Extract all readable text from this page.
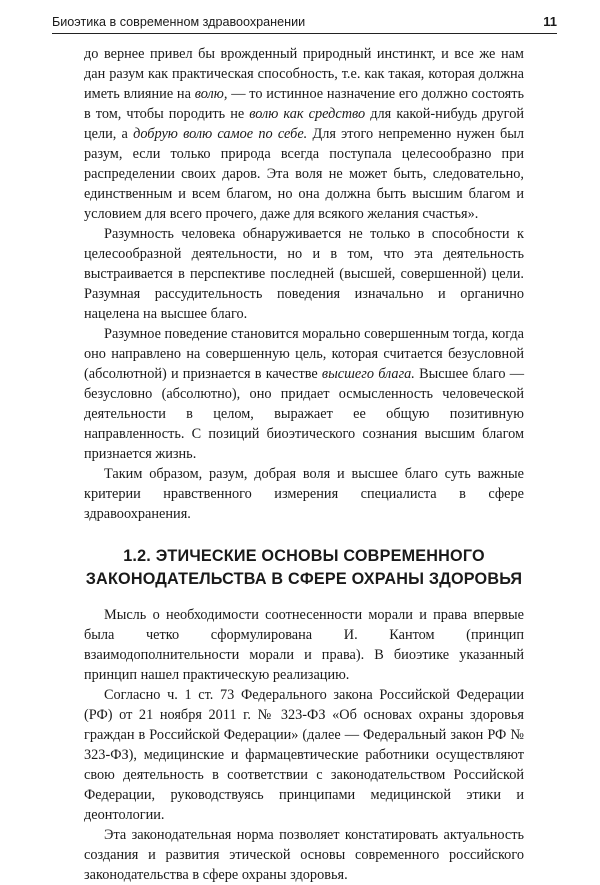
Биоэтика в современном здравоохранении	11

до вернее привел бы врожденный природный инстинкт, и все же нам дан разум как практическая способность, т.е. как такая, которая должна иметь влияние на волю, — то истинное назначение его должно состоять в том, чтобы породить не волю как средство для какой-нибудь другой цели, а добрую волю самое по себе. Для этого непременно нужен был разум, если только природа всегда поступала целесообразно при распределении своих даров. Эта воля не может быть, следовательно, единственным и всем благом, но она должна быть высшим благом и условием для всего прочего, даже для всякого желания счастья».

Разумность человека обнаруживается не только в способности к целесообразной деятельности, но и в том, что эта деятельность выстраивается в перспективе последней (высшей, совершенной) цели. Разумная рассудительность поведения изначально и органично нацелена на высшее благо.

Разумное поведение становится морально совершенным тогда, когда оно направлено на совершенную цель, которая считается безусловной (абсолютной) и признается в качестве высшего блага. Высшее благо — безусловно (абсолютно), оно придает осмысленность человеческой деятельности в целом, выражает ее общую позитивную направленность. С позиций биоэтического сознания высшим благом признается жизнь.

Таким образом, разум, добрая воля и высшее благо суть важные критерии нравственного измерения специалиста в сфере здравоохранения.

1.2. ЭТИЧЕСКИЕ ОСНОВЫ СОВРЕМЕННОГО
ЗАКОНОДАТЕЛЬСТВА В СФЕРЕ ОХРАНЫ ЗДОРОВЬЯ

Мысль о необходимости соотнесенности морали и права впервые была четко сформулирована И. Кантом (принцип взаимодополнительности морали и права). В биоэтике указанный принцип нашел практическую реализацию.

Согласно ч. 1 ст. 73 Федерального закона Российской Федерации (РФ) от 21 ноября 2011 г. № 323-ФЗ «Об основах охраны здоровья граждан в Российской Федерации» (далее — Федеральный закон РФ № 323-ФЗ), медицинские и фармацевтические работники осуществляют свою деятельность в соответствии с законодательством Российской Федерации, руководствуясь принципами медицинской этики и деонтологии.

Эта законодательная норма позволяет констатировать актуальность создания и развития этической основы современного российского законодательства в сфере охраны здоровья.
